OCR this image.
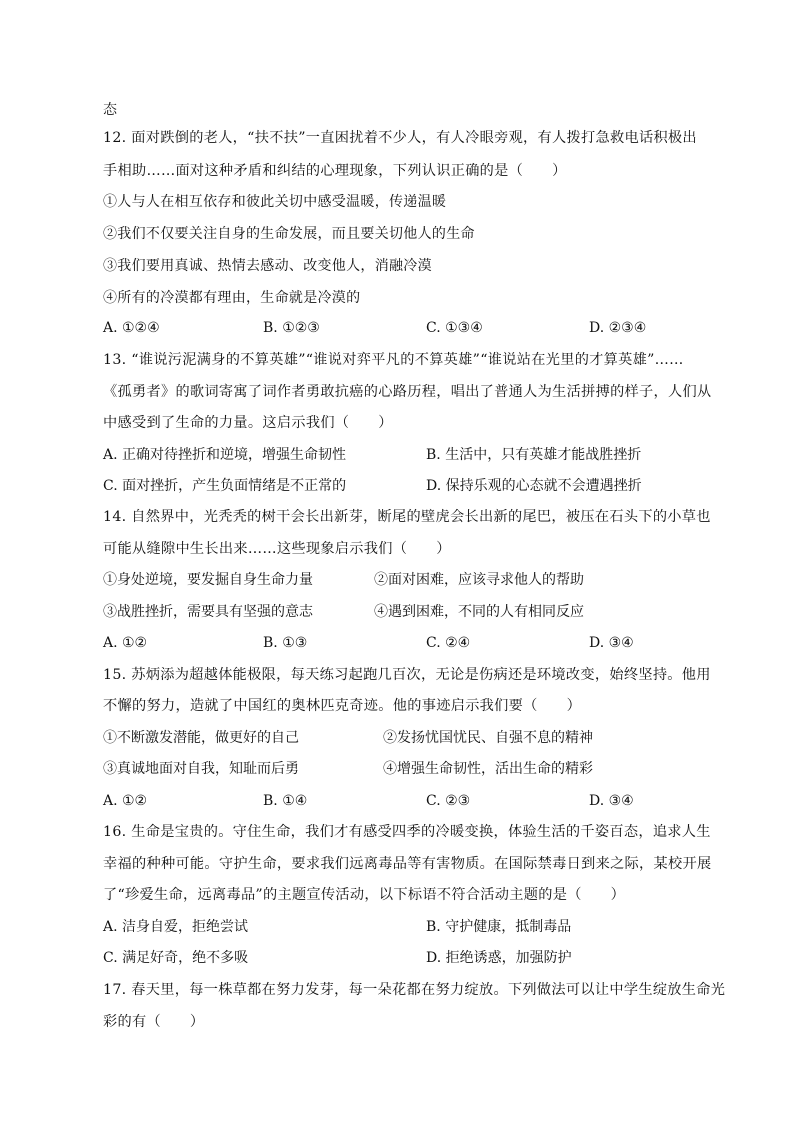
态
12. 面对跌倒的老人，“扶不扶”一直困扰着不少人，有人冷眼旁观，有人拨打急救电话积极出
手相助……面对这种矛盾和纠结的心理现象，下列认识正确的是（　　）
①人与人在相互依存和彼此关切中感受温暖，传递温暖
②我们不仅要关注自身的生命发展，而且要关切他人的生命
③我们要用真诚、热情去感动、改变他人，消融冷漠
④所有的冷漠都有理由，生命就是冷漠的
A. ①②④	B. ①②③	C. ①③④	D. ②③④
13. “谁说污泥满身的不算英雄”“谁说对弈平凡的不算英雄”“谁说站在光里的才算英雄”……
《孤勇者》的歌词寄寓了词作者勇敢抗癌的心路历程，唱出了普通人为生活拼搏的样子，人们从
中感受到了生命的力量。这启示我们（　　）
A. 正确对待挫折和逆境，增强生命韧性	B. 生活中，只有英雄才能战胜挫折
C. 面对挫折，产生负面情绪是不正常的	D. 保持乐观的心态就不会遭遇挫折
14. 自然界中，光秃秃的树干会长出新芽，断尾的壁虎会长出新的尾巴，被压在石头下的小草也
可能从缝隙中生长出来……这些现象启示我们（　　）
①身处逆境，要发掘自身生命力量	②面对困难，应该寻求他人的帮助
③战胜挫折，需要具有坚强的意志	④遇到困难，不同的人有相同反应
A. ①②	B. ①③	C. ②④	D. ③④
15. 苏炳添为超越体能极限，每天练习起跑几百次，无论是伤病还是环境改变，始终坚持。他用
不懈的努力，造就了中国红的奥林匹克奇迹。他的事迹启示我们要（　　）
①不断激发潜能，做更好的自己	②发扬忧国忧民、自强不息的精神
③真诚地面对自我，知耻而后勇	④增强生命韧性，活出生命的精彩
A. ①②	B. ①④	C. ②③	D. ③④
16. 生命是宝贵的。守住生命，我们才有感受四季的冷暖变换，体验生活的千姿百态，追求人生
幸福的种种可能。守护生命，要求我们远离毒品等有害物质。在国际禁毒日到来之际，某校开展
了“珍爱生命，远离毒品”的主题宣传活动，以下标语不符合活动主题的是（　　）
A. 洁身自爱，拒绝尝试	B. 守护健康，抵制毒品
C. 满足好奇，绝不多吸	D. 拒绝诱惑，加强防护
17. 春天里，每一株草都在努力发芽，每一朵花都在努力绽放。下列做法可以让中学生绽放生命光
彩的有（　　）
